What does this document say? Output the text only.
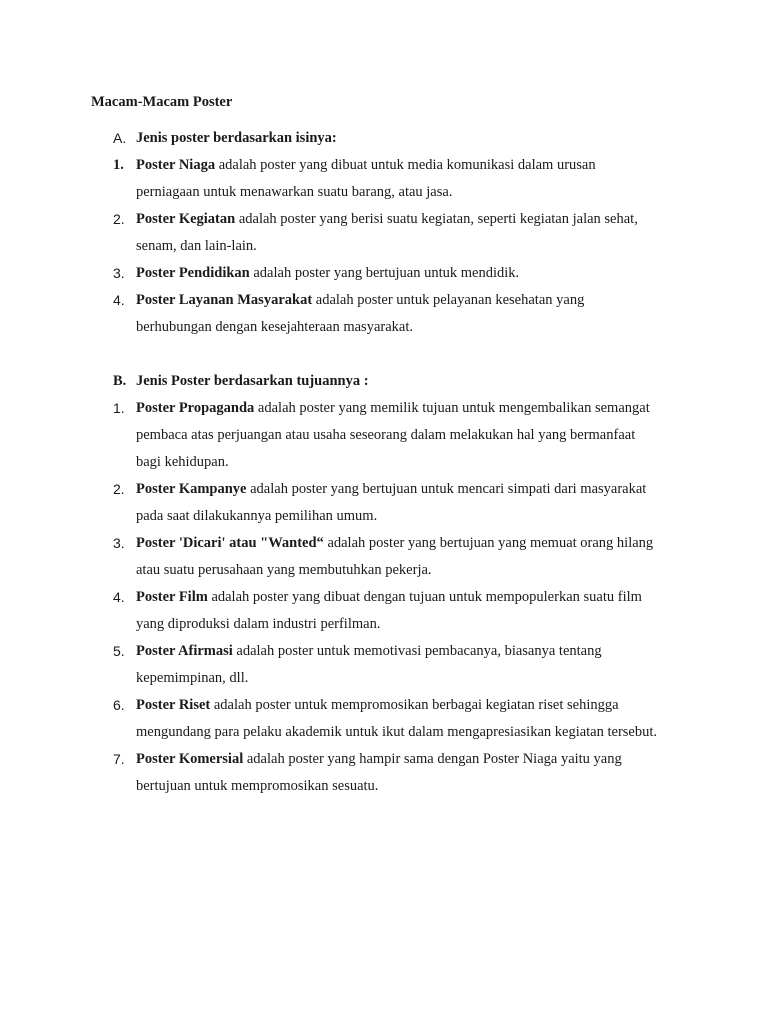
Macam-Macam Poster
A. Jenis poster berdasarkan isinya:
1. Poster Niaga adalah poster yang dibuat untuk media komunikasi dalam urusan
perniagaan untuk menawarkan suatu barang, atau jasa.
2. Poster Kegiatan adalah poster yang berisi suatu kegiatan, seperti kegiatan jalan sehat,
senam, dan lain-lain.
3. Poster Pendidikan adalah poster yang bertujuan untuk mendidik.
4. Poster Layanan Masyarakat adalah poster untuk pelayanan kesehatan yang
berhubungan dengan kesejahteraan masyarakat.
B. Jenis Poster berdasarkan tujuannya :
1. Poster Propaganda adalah poster yang memilik tujuan untuk mengembalikan semangat
pembaca atas perjuangan atau usaha seseorang dalam melakukan hal yang bermanfaat
bagi kehidupan.
2. Poster Kampanye adalah poster yang bertujuan untuk mencari simpati dari masyarakat
pada saat dilakukannya pemilihan umum.
3. Poster 'Dicari' atau "Wanted“ adalah poster yang bertujuan yang memuat orang hilang
atau suatu perusahaan yang membutuhkan pekerja.
4. Poster Film adalah poster yang dibuat dengan tujuan untuk mempopulerkan suatu film
yang diproduksi dalam industri perfilman.
5. Poster Afirmasi adalah poster untuk memotivasi pembacanya, biasanya tentang
kepemimpinan, dll.
6. Poster Riset adalah poster untuk mempromosikan berbagai kegiatan riset sehingga
mengundang para pelaku akademik untuk ikut dalam mengapresiasikan kegiatan tersebut.
7. Poster Komersial adalah poster yang hampir sama dengan Poster Niaga yaitu yang
bertujuan untuk mempromosikan sesuatu.
